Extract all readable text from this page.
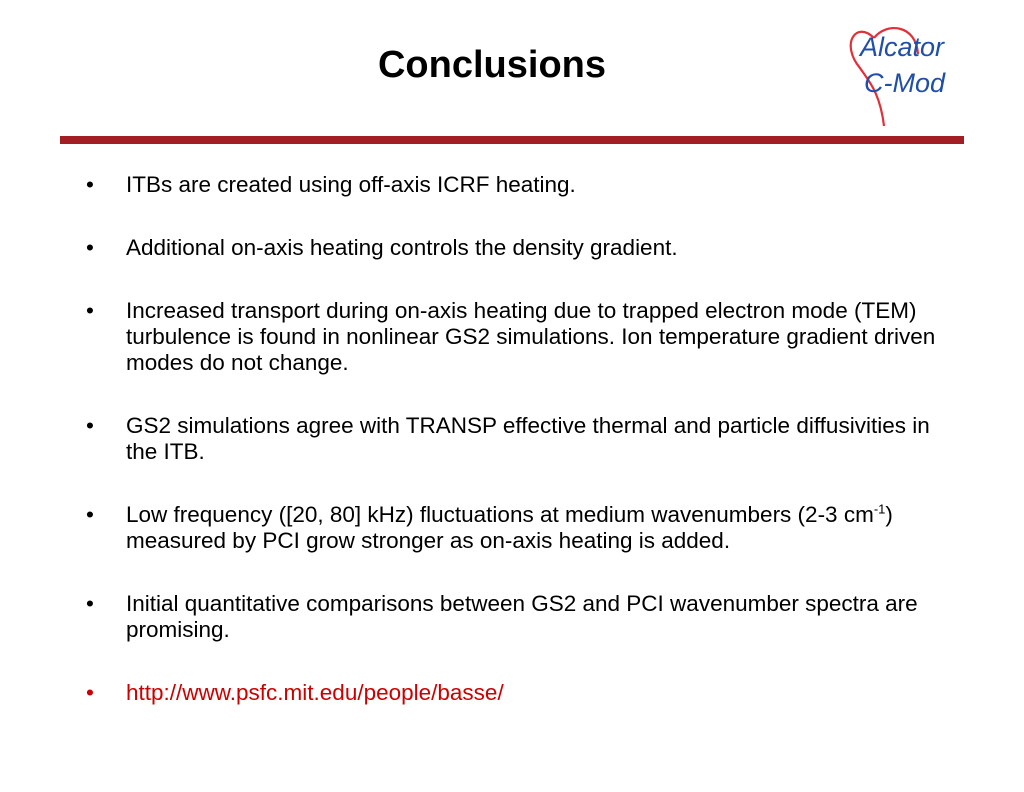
Conclusions	Alcator
C-Mod
• ITBs are created using off-axis ICRF heating.
• Additional on-axis heating controls the density gradient.
• Increased transport during on-axis heating due to trapped electron mode (TEM) turbulence is found in nonlinear GS2 simulations. Ion temperature gradient driven modes do not change.
• GS2 simulations agree with TRANSP effective thermal and particle diffusivities in the ITB.
• Low frequency ([20, 80] kHz) fluctuations at medium wavenumbers (2-3 $cm^{-1}$) measured by PCI grow stronger as on-axis heating is added.
• Initial quantitative comparisons between GS2 and PCI wavenumber spectra are promising.
• http://www.psfc.mit.edu/people/basse/
